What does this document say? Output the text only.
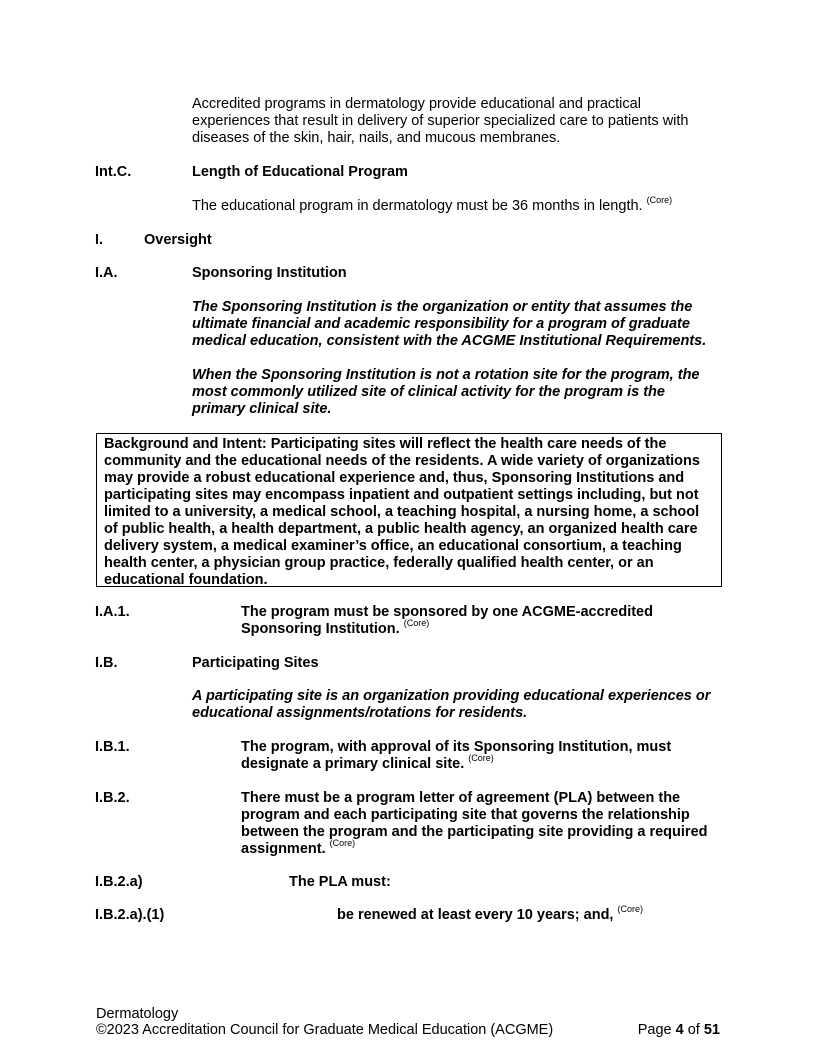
Accredited programs in dermatology provide educational and practical experiences that result in delivery of superior specialized care to patients with diseases of the skin, hair, nails, and mucous membranes.

Int.C.	Length of Educational Program

The educational program in dermatology must be 36 months in length. $^{(Core)}$

I.	Oversight
I.A.	Sponsoring Institution

The Sponsoring Institution is the organization or entity that assumes the ultimate financial and academic responsibility for a program of graduate medical education, consistent with the ACGME Institutional Requirements.

When the Sponsoring Institution is not a rotation site for the program, the most commonly utilized site of clinical activity for the program is the primary clinical site.

Background and Intent: Participating sites will reflect the health care needs of the community and the educational needs of the residents. A wide variety of organizations may provide a robust educational experience and, thus, Sponsoring Institutions and participating sites may encompass inpatient and outpatient settings including, but not limited to a university, a medical school, a teaching hospital, a nursing home, a school of public health, a health department, a public health agency, an organized health care delivery system, a medical examiner’s office, an educational consortium, a teaching health center, a physician group practice, federally qualified health center, or an educational foundation.
I.A.1.	The program must be sponsored by one ACGME-accredited Sponsoring Institution. $^{(Core)}$

I.B.	Participating Sites

A participating site is an organization providing educational experiences or educational assignments/rotations for residents.

I.B.1.	The program, with approval of its Sponsoring Institution, must designate a primary clinical site. $^{(Core)}$

I.B.2.	There must be a program letter of agreement (PLA) between the program and each participating site that governs the relationship between the program and the participating site providing a required assignment. $^{(Core)}$

I.B.2.a)	The PLA must:
I.B.2.a).(1)	be renewed at least every 10 years; and, $^{(Core)}$

Dermatology
©2023 Accreditation Council for Graduate Medical Education (ACGME)	Page 4 of 51
